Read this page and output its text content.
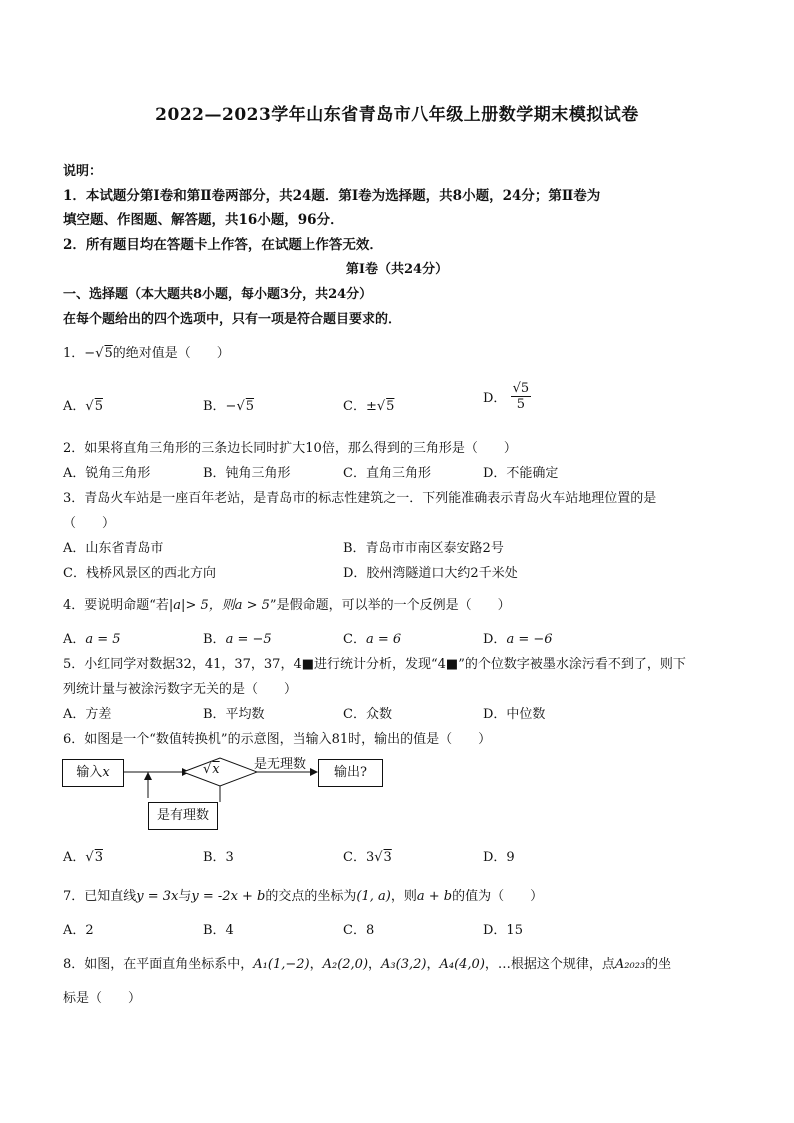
2022—2023学年山东省青岛市八年级上册数学期末模拟试卷
说明：
1．本试题分第Ⅰ卷和第Ⅱ卷两部分，共24题．第Ⅰ卷为选择题，共8小题，24分；第Ⅱ卷为
填空题、作图题、解答题，共16小题，96分．
2．所有题目均在答题卡上作答，在试题上作答无效．
第Ⅰ卷（共24分）
一、选择题（本大题共8小题，每小题3分，共24分）
在每个题给出的四个选项中，只有一项是符合题目要求的．
1．−√5的绝对值是（　　）
A．√5	B．−√5	C．±√5
D． $\frac{√5}{5}$
2．如果将直角三角形的三条边长同时扩大10倍，那么得到的三角形是（　　）
A．锐角三角形	B．钝角三角形	C．直角三角形	D．不能确定
3．青岛火车站是一座百年老站，是青岛市的标志性建筑之一．下列能准确表示青岛火车站地理位置的是
（　　）
A．山东省青岛市	B．青岛市市南区泰安路2号
C．栈桥风景区的西北方向	D．胶州湾隧道口大约2千米处
4．要说明命题“若|a|> 5，则a > 5”是假命题，可以举的一个反例是（　　）
A．a = 5	B．a = −5	C．a = 6	D．a = −6
5．小红同学对数据32，41，37，37，4■进行统计分析，发现“4■”的个位数字被墨水涂污看不到了，则下
列统计量与被涂污数字无关的是（　　）
A．方差	B．平均数	C．众数	D．中位数
6．如图是一个“数值转换机”的示意图，当输入81时，输出的值是（　　）
输入x	√x	是无理数
输出?
是有理数
A．√3	B．3	C．3√3	D．9
7．已知直线y = 3x与y = -2x + b的交点的坐标为(1, a)，则a + b的值为（　　）
A．2	B．4	C．8	D．15
8．如图，在平面直角坐标系中，A₁(1,−2)，A₂(2,0)，A₃(3,2)，A₄(4,0)，…根据这个规律，点A₂₀₂₃的坐
标是（　　）
